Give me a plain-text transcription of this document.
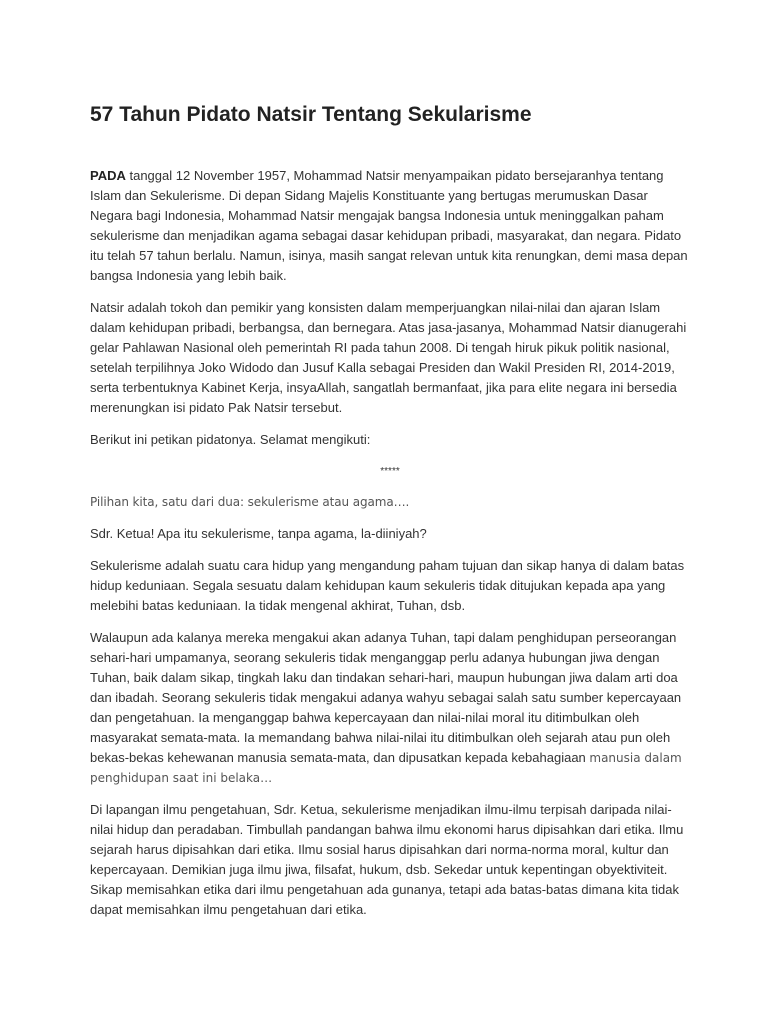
57 Tahun Pidato Natsir Tentang Sekularisme

PADA tanggal 12 November 1957, Mohammad Natsir menyampaikan pidato bersejaranhya tentang Islam dan Sekulerisme. Di depan Sidang Majelis Konstituante yang bertugas merumuskan Dasar Negara bagi Indonesia, Mohammad Natsir mengajak bangsa Indonesia untuk meninggalkan paham sekulerisme dan menjadikan agama sebagai dasar kehidupan pribadi, masyarakat, dan negara. Pidato itu telah 57 tahun berlalu. Namun, isinya, masih sangat relevan untuk kita renungkan, demi masa depan bangsa Indonesia yang lebih baik.

Natsir adalah tokoh dan pemikir yang konsisten dalam memperjuangkan nilai-nilai dan ajaran Islam dalam kehidupan pribadi, berbangsa, dan bernegara. Atas jasa-jasanya, Mohammad Natsir dianugerahi gelar Pahlawan Nasional oleh pemerintah RI pada tahun 2008. Di tengah hiruk pikuk politik nasional, setelah terpilihnya Joko Widodo dan Jusuf Kalla sebagai Presiden dan Wakil Presiden RI, 2014-2019, serta terbentuknya Kabinet Kerja, insyaAllah, sangatlah bermanfaat, jika para elite negara ini bersedia merenungkan isi pidato Pak Natsir tersebut.

Berikut ini petikan pidatonya. Selamat mengikuti:

*****

Pilihan kita, satu dari dua: sekulerisme atau agama….

Sdr. Ketua! Apa itu sekulerisme, tanpa agama, la-diiniyah?

Sekulerisme adalah suatu cara hidup yang mengandung paham tujuan dan sikap hanya di dalam batas hidup keduniaan. Segala sesuatu dalam kehidupan kaum sekuleris tidak ditujukan kepada apa yang melebihi batas keduniaan. Ia tidak mengenal akhirat, Tuhan, dsb.

Walaupun ada kalanya mereka mengakui akan adanya Tuhan, tapi dalam penghidupan perseorangan sehari-hari umpamanya, seorang sekuleris tidak menganggap perlu adanya hubungan jiwa dengan Tuhan, baik dalam sikap, tingkah laku dan tindakan sehari-hari, maupun hubungan jiwa dalam arti doa dan ibadah. Seorang sekuleris tidak mengakui adanya wahyu sebagai salah satu sumber kepercayaan dan pengetahuan. Ia menganggap bahwa kepercayaan dan nilai-nilai moral itu ditimbulkan oleh masyarakat semata-mata. Ia memandang bahwa nilai-nilai itu ditimbulkan oleh sejarah atau pun oleh bekas-bekas kehewanan manusia semata-mata, dan dipusatkan kepada kebahagiaan manusia dalam penghidupan saat ini belaka…

Di lapangan ilmu pengetahuan, Sdr. Ketua, sekulerisme menjadikan ilmu-ilmu terpisah daripada nilai-nilai hidup dan peradaban. Timbullah pandangan bahwa ilmu ekonomi harus dipisahkan dari etika. Ilmu sejarah harus dipisahkan dari etika. Ilmu sosial harus dipisahkan dari norma-norma moral, kultur dan kepercayaan. Demikian juga ilmu jiwa, filsafat, hukum, dsb. Sekedar untuk kepentingan obyektiviteit. Sikap memisahkan etika dari ilmu pengetahuan ada gunanya, tetapi ada batas-batas dimana kita tidak dapat memisahkan ilmu pengetahuan dari etika.
